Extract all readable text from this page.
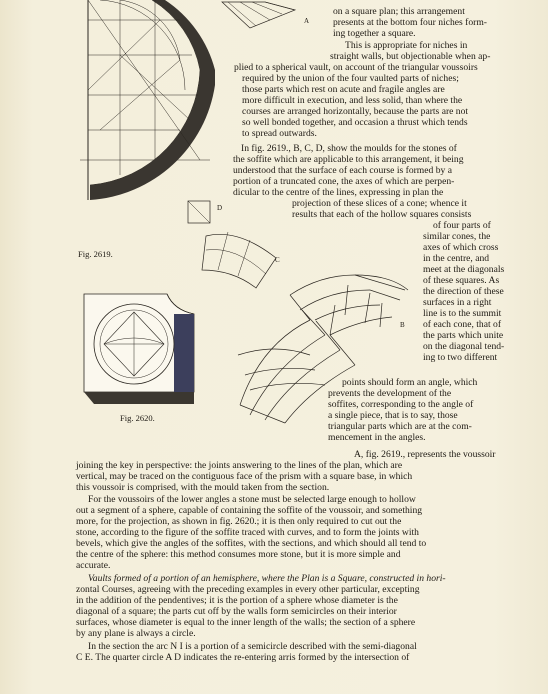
A
D
Fig. 2619.
C
B
Fig. 2620.

on a square plan; this arrangement

presents at the bottom four niches form-

ing together a square.

This is appropriate for niches in

straight walls, but objectionable when ap-

plied to a spherical vault, on account of the triangular voussoirs

required by the union of the four vaulted parts of niches;

those parts which rest on acute and fragile angles are

more difficult in execution, and less solid, than where the

courses are arranged horizontally, because the parts are not

so well bonded together, and occasion a thrust which tends

to spread outwards.

In fig. 2619., B, C, D, show the moulds for the stones of

the soffite which are applicable to this arrangement, it being

understood that the surface of each course is formed by a

portion of a truncated cone, the axes of which are perpen-

dicular to the centre of the lines, expressing in plan the

projection of these slices of a cone; whence it

results that each of the hollow squares consists

of four parts of

similar cones, the

axes of which cross

in the centre, and

meet at the diagonals

of these squares. As

the direction of these

surfaces in a right

line is to the summit

of each cone, that of

the parts which unite

on the diagonal tend-

ing to two different

points should form an angle, which

prevents the development of the

soffites, corresponding to the angle of

a single piece, that is to say, those

triangular parts which are at the com-

mencement in the angles.

A, fig. 2619., represents the voussoir

joining the key in perspective: the joints answering to the lines of the plan, which are

vertical, may be traced on the contiguous face of the prism with a square base, in which

this voussoir is comprised, with the mould taken from the section.

For the voussoirs of the lower angles a stone must be selected large enough to hollow

out a segment of a sphere, capable of containing the soffite of the voussoir, and something

more, for the projection, as shown in fig. 2620.; it is then only required to cut out the

stone, according to the figure of the soffite traced with curves, and to form the joints with

bevels, which give the angles of the soffites, with the sections, and which should all tend to

the centre of the sphere: this method consumes more stone, but it is more simple and

accurate.

Vaults formed of a portion of an hemisphere, where the Plan is a Square, constructed in hori-

zontal Courses, agreeing with the preceding examples in every other particular, excepting

in the addition of the pendentives; it is the portion of a sphere whose diameter is the

diagonal of a square; the parts cut off by the walls form semicircles on their interior

surfaces, whose diameter is equal to the inner length of the walls; the section of a sphere

by any plane is always a circle.

In the section the arc N I is a portion of a semicircle described with the semi-diagonal

C E. The quarter circle A D indicates the re-entering arris formed by the intersection of
